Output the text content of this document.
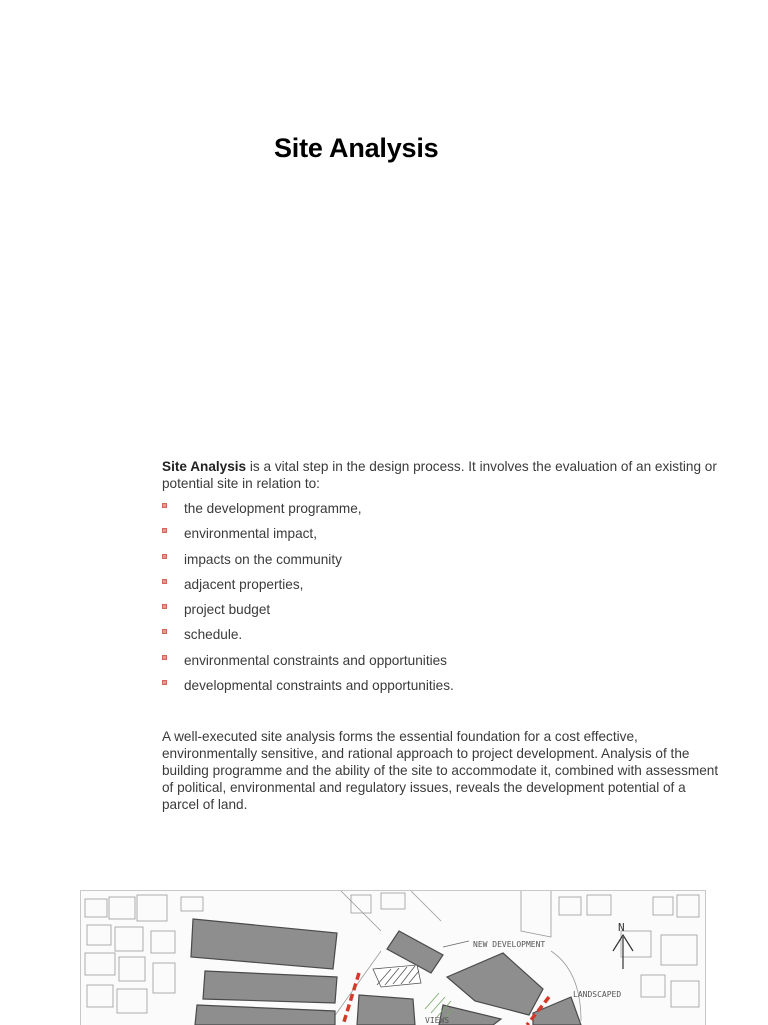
Site Analysis

Site Analysis is a vital step in the design process. It involves the evaluation of an existing or potential site in relation to:

the development programme,
environmental impact,
impacts on the community
adjacent properties,
project budget
schedule.
environmental constraints and opportunities
developmental constraints and opportunities.

A well-executed site analysis forms the essential foundation for a cost effective, environmentally sensitive, and rational approach to project development. Analysis of the building programme and the ability of the site to accommodate it, combined with assessment of political, environmental and regulatory issues, reveals the development potential of a parcel of land.

N
NEW DEVELOPMENT
LANDSCAPED
VIEWS
